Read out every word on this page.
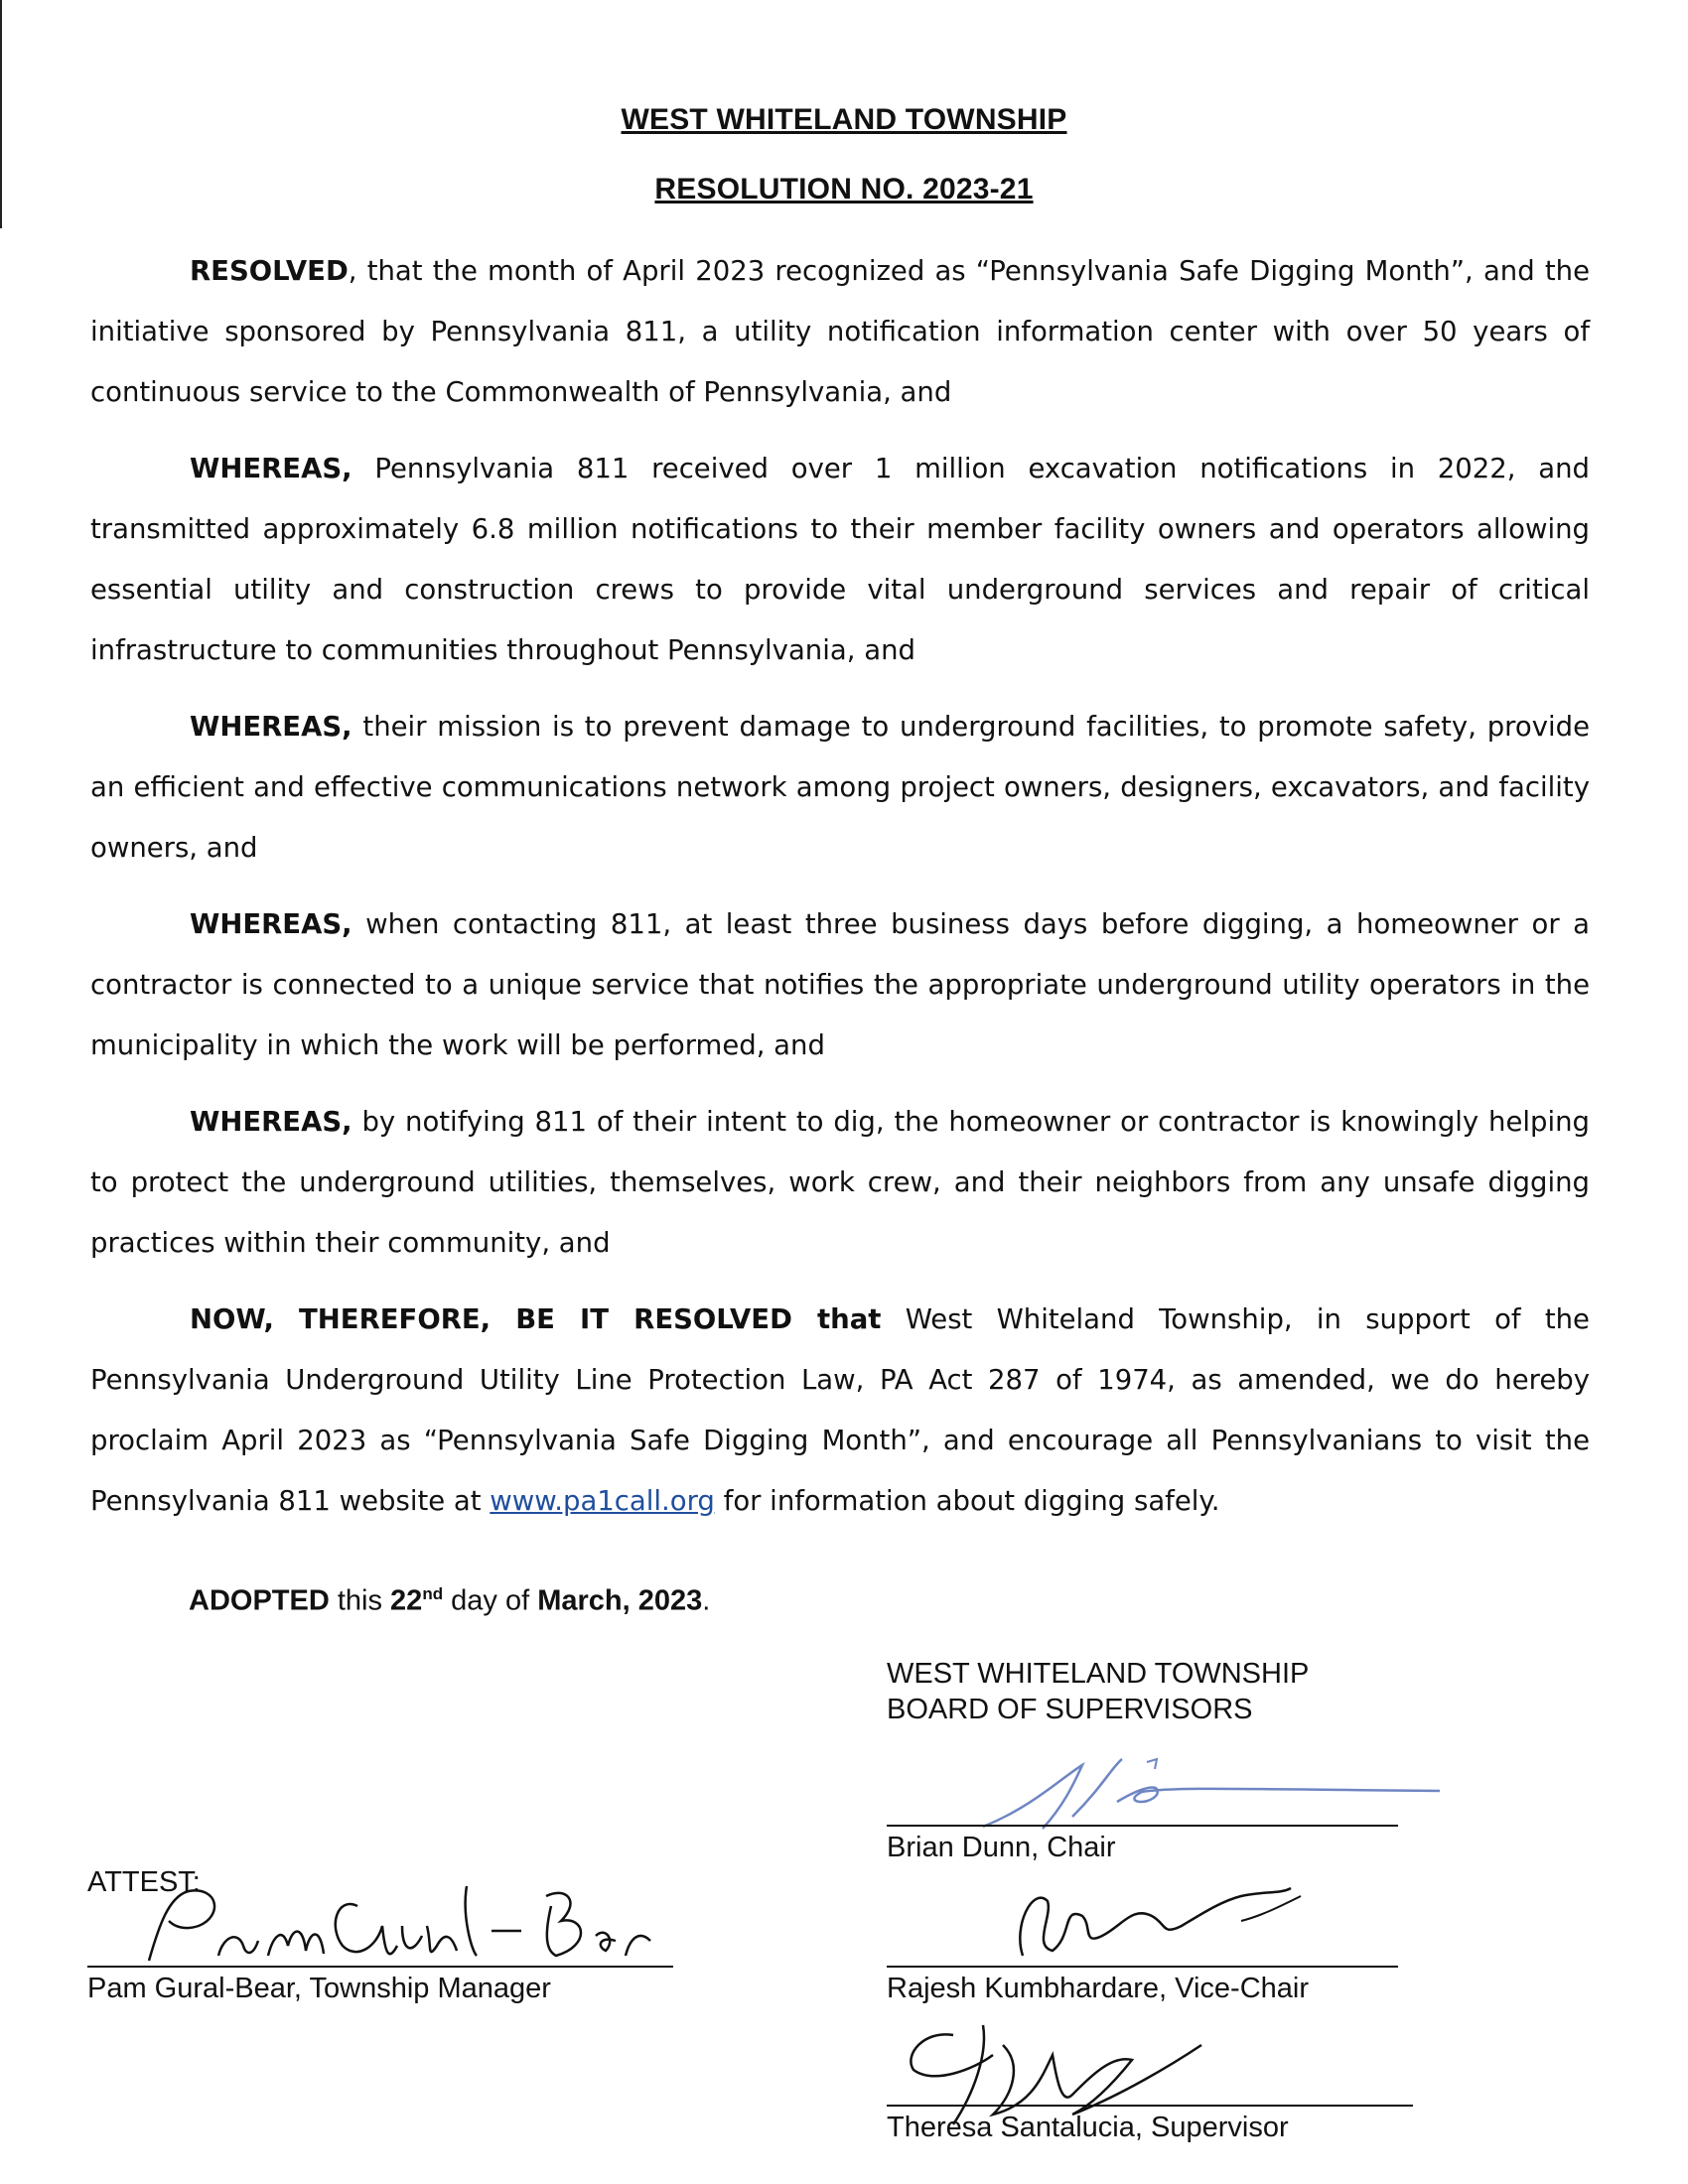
WEST WHITELAND TOWNSHIP
RESOLUTION NO. 2023-21

RESOLVED, that the month of April 2023 recognized as “Pennsylvania Safe Digging Month”, and the initiative sponsored by Pennsylvania 811, a utility notification information center with over 50 years of continuous service to the Commonwealth of Pennsylvania, and

WHEREAS, Pennsylvania 811 received over 1 million excavation notifications in 2022, and transmitted approximately 6.8 million notifications to their member facility owners and operators allowing essential utility and construction crews to provide vital underground services and repair of critical infrastructure to communities throughout Pennsylvania, and

WHEREAS, their mission is to prevent damage to underground facilities, to promote safety, provide an efficient and effective communications network among project owners, designers, excavators, and facility owners, and

WHEREAS, when contacting 811, at least three business days before digging, a homeowner or a contractor is connected to a unique service that notifies the appropriate underground utility operators in the municipality in which the work will be performed, and

WHEREAS, by notifying 811 of their intent to dig, the homeowner or contractor is knowingly helping to protect the underground utilities, themselves, work crew, and their neighbors from any unsafe digging practices within their community, and

NOW, THEREFORE, BE IT RESOLVED that West Whiteland Township, in support of the Pennsylvania Underground Utility Line Protection Law, PA Act 287 of 1974, as amended, we do hereby proclaim April 2023 as “Pennsylvania Safe Digging Month”, and encourage all Pennsylvanians to visit the Pennsylvania 811 website at www.pa1call.org for information about digging safely.

ADOPTED this 22nd day of March, 2023.
WEST WHITELAND TOWNSHIP
BOARD OF SUPERVISORS
Brian Dunn, Chair
Rajesh Kumbhardare, Vice-Chair
Theresa Santalucia, Supervisor
ATTEST:
Pam Gural-Bear, Township Manager
